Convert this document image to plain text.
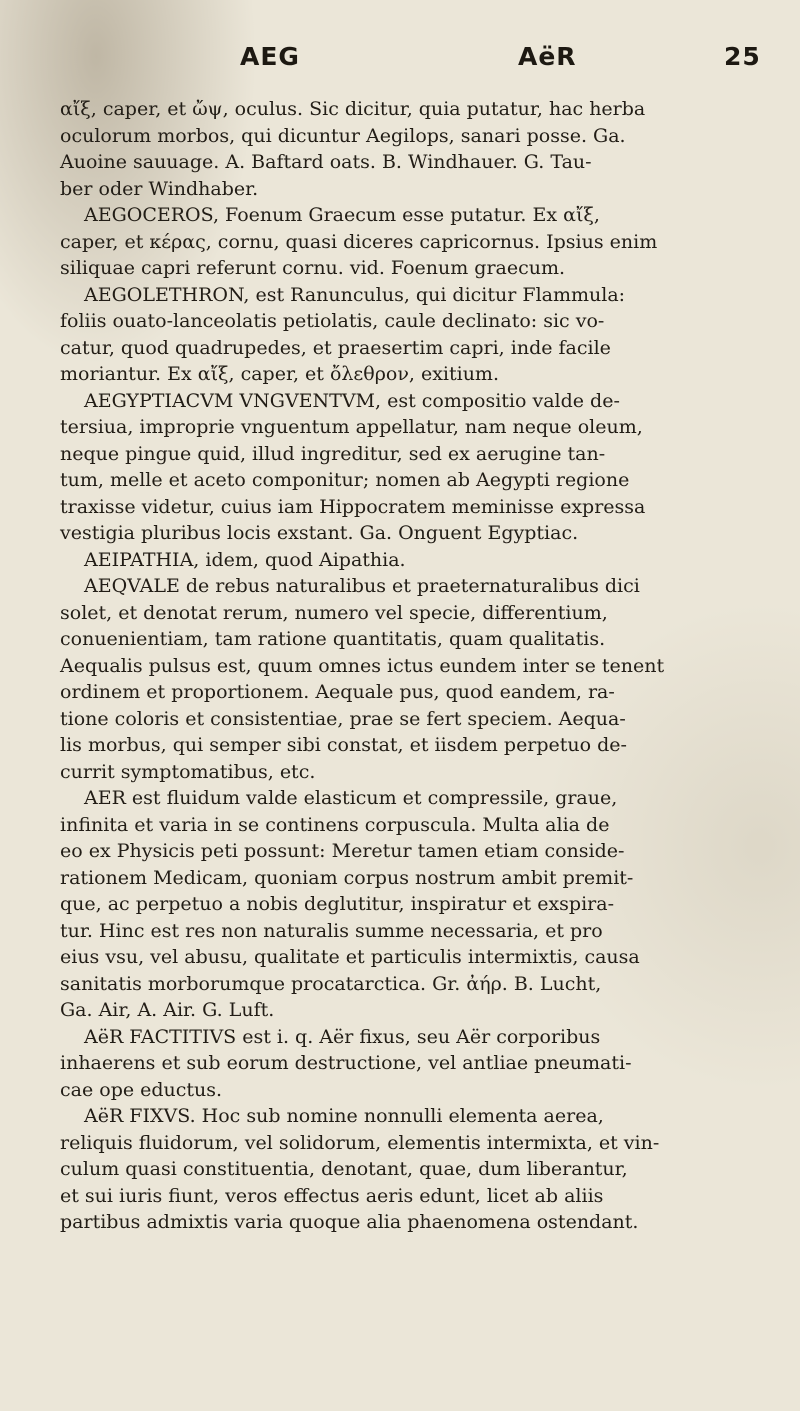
AEG	AëR	25
αἴξ, caper, et ὤψ, oculus. Sic dicitur, quia putatur, hac herba
oculorum morbos, qui dicuntur Aegilops, sanari posse. Ga.
Auoine sauuage. A. Baftard oats. B. Windhauer. G. Tau-
ber oder Windhaber.
AEGOCEROS, Foenum Graecum esse putatur. Ex αἴξ,
caper, et κέρας, cornu, quasi diceres capricornus. Ipsius enim
siliquae capri referunt cornu. vid. Foenum graecum.
AEGOLETHRON, est Ranunculus, qui dicitur Flammula:
foliis ouato-lanceolatis petiolatis, caule declinato: sic vo-
catur, quod quadrupedes, et praesertim capri, inde facile
moriantur. Ex αἴξ, caper, et ὄλεθρον, exitium.
AEGYPTIACVM VNGVENTVM, est compositio valde de-
tersiua, improprie vnguentum appellatur, nam neque oleum,
neque pingue quid, illud ingreditur, sed ex aerugine tan-
tum, melle et aceto componitur; nomen ab Aegypti regione
traxisse videtur, cuius iam Hippocratem meminisse expressa
vestigia pluribus locis exstant. Ga. Onguent Egyptiac.
AEIPATHIA, idem, quod Aipathia.
AEQVALE de rebus naturalibus et praeternaturalibus dici
solet, et denotat rerum, numero vel specie, differentium,
conuenientiam, tam ratione quantitatis, quam qualitatis.
Aequalis pulsus est, quum omnes ictus eundem inter se tenent
ordinem et proportionem. Aequale pus, quod eandem, ra-
tione coloris et consistentiae, prae se fert speciem. Aequa-
lis morbus, qui semper sibi constat, et iisdem perpetuo de-
currit symptomatibus, etc.
AER est fluidum valde elasticum et compressile, graue,
infinita et varia in se continens corpuscula. Multa alia de
eo ex Physicis peti possunt: Meretur tamen etiam conside-
rationem Medicam, quoniam corpus nostrum ambit premit-
que, ac perpetuo a nobis deglutitur, inspiratur et exspira-
tur. Hinc est res non naturalis summe necessaria, et pro
eius vsu, vel abusu, qualitate et particulis intermixtis, causa
sanitatis morborumque procatarctica. Gr. ἀήρ. B. Lucht,
Ga. Air, A. Air. G. Luft.
AëR FACTITIVS est i. q. Aër fixus, seu Aër corporibus
inhaerens et sub eorum destructione, vel antliae pneumati-
cae ope eductus.
AëR FIXVS. Hoc sub nomine nonnulli elementa aerea,
reliquis fluidorum, vel solidorum, elementis intermixta, et vin-
culum quasi constituentia, denotant, quae, dum liberantur,
et sui iuris fiunt, veros effectus aeris edunt, licet ab aliis
partibus admixtis varia quoque alia phaenomena ostendant.
